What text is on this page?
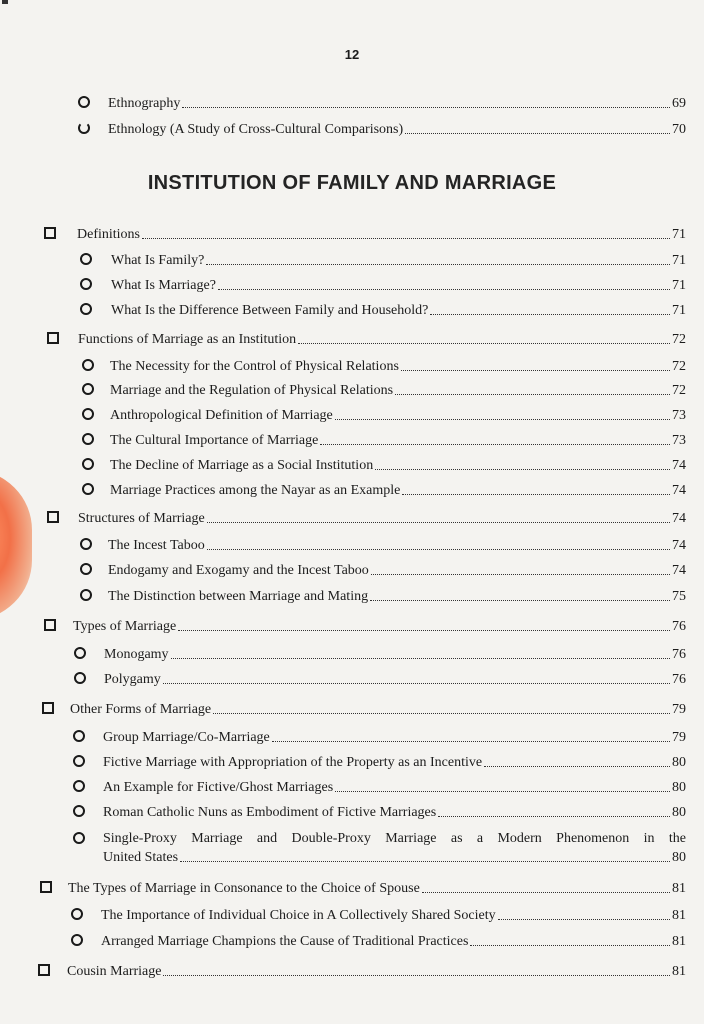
12
INSTITUTION OF FAMILY AND MARRIAGE
Ethnography	69
Ethnology (A Study of Cross-Cultural Comparisons)	70
Definitions	71
What Is Family?	71
What Is Marriage?	71
What Is the Difference Between Family and Household?	71
Functions of Marriage as an Institution	72
The Necessity for the Control of Physical Relations	72
Marriage and the Regulation of Physical Relations	72
Anthropological Definition of Marriage	73
The Cultural Importance of Marriage	73
The Decline of Marriage as a Social Institution	74
Marriage Practices among the Nayar as an Example	74
Structures of Marriage	74
The Incest Taboo	74
Endogamy and Exogamy and the Incest Taboo	74
The Distinction between Marriage and Mating	75
Types of Marriage	76
Monogamy	76
Polygamy	76
Other Forms of Marriage	79
Group Marriage/Co-Marriage	79
Fictive Marriage with Appropriation of the Property as an Incentive	80
An Example for Fictive/Ghost Marriages	80
Roman Catholic Nuns as Embodiment of Fictive Marriages	80
Single-Proxy Marriage and Double-Proxy Marriage as a Modern Phenomenon in the
United States	80
The Types of Marriage in Consonance to the Choice of Spouse	81
The Importance of Individual Choice in A Collectively Shared Society	81
Arranged Marriage Champions the Cause of Traditional Practices	81
Cousin Marriage	81
